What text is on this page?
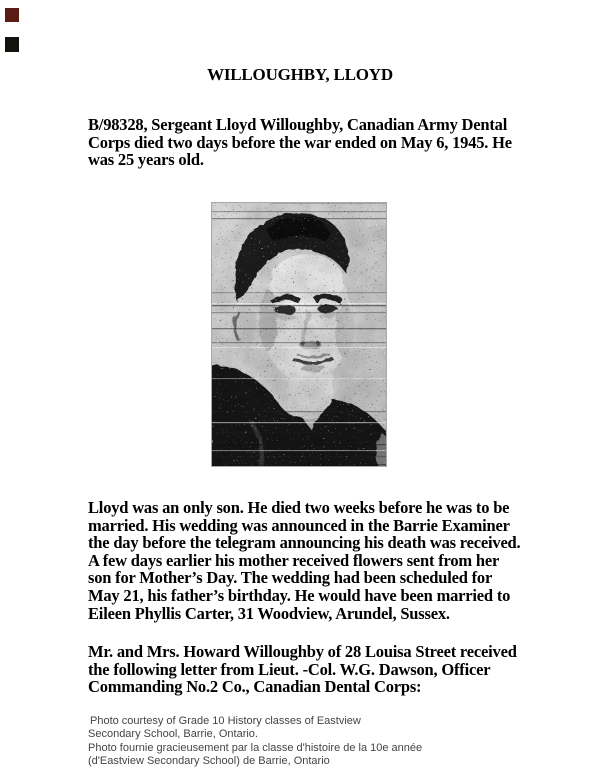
WILLOUGHBY, LLOYD
B/98328, Sergeant Lloyd Willoughby, Canadian Army Dental
Corps died two days before the war ended on May 6, 1945. He
was 25 years old.
Lloyd was an only son. He died two weeks before he was to be
married. His wedding was announced in the Barrie Examiner
the day before the telegram announcing his death was received.
A few days earlier his mother received flowers sent from her
son for Mother’s Day. The wedding had been scheduled for
May 21, his father’s birthday. He would have been married to
Eileen Phyllis Carter, 31 Woodview, Arundel, Sussex.
Mr. and Mrs. Howard Willoughby of 28 Louisa Street received
the following letter from Lieut. -Col. W.G. Dawson, Officer
Commanding No.2 Co., Canadian Dental Corps:
Photo courtesy of Grade 10 History classes of Eastview
Secondary School, Barrie, Ontario.
Photo fournie gracieusement par la classe d'histoire de la 10e année
(d'Eastview Secondary School) de Barrie, Ontario
